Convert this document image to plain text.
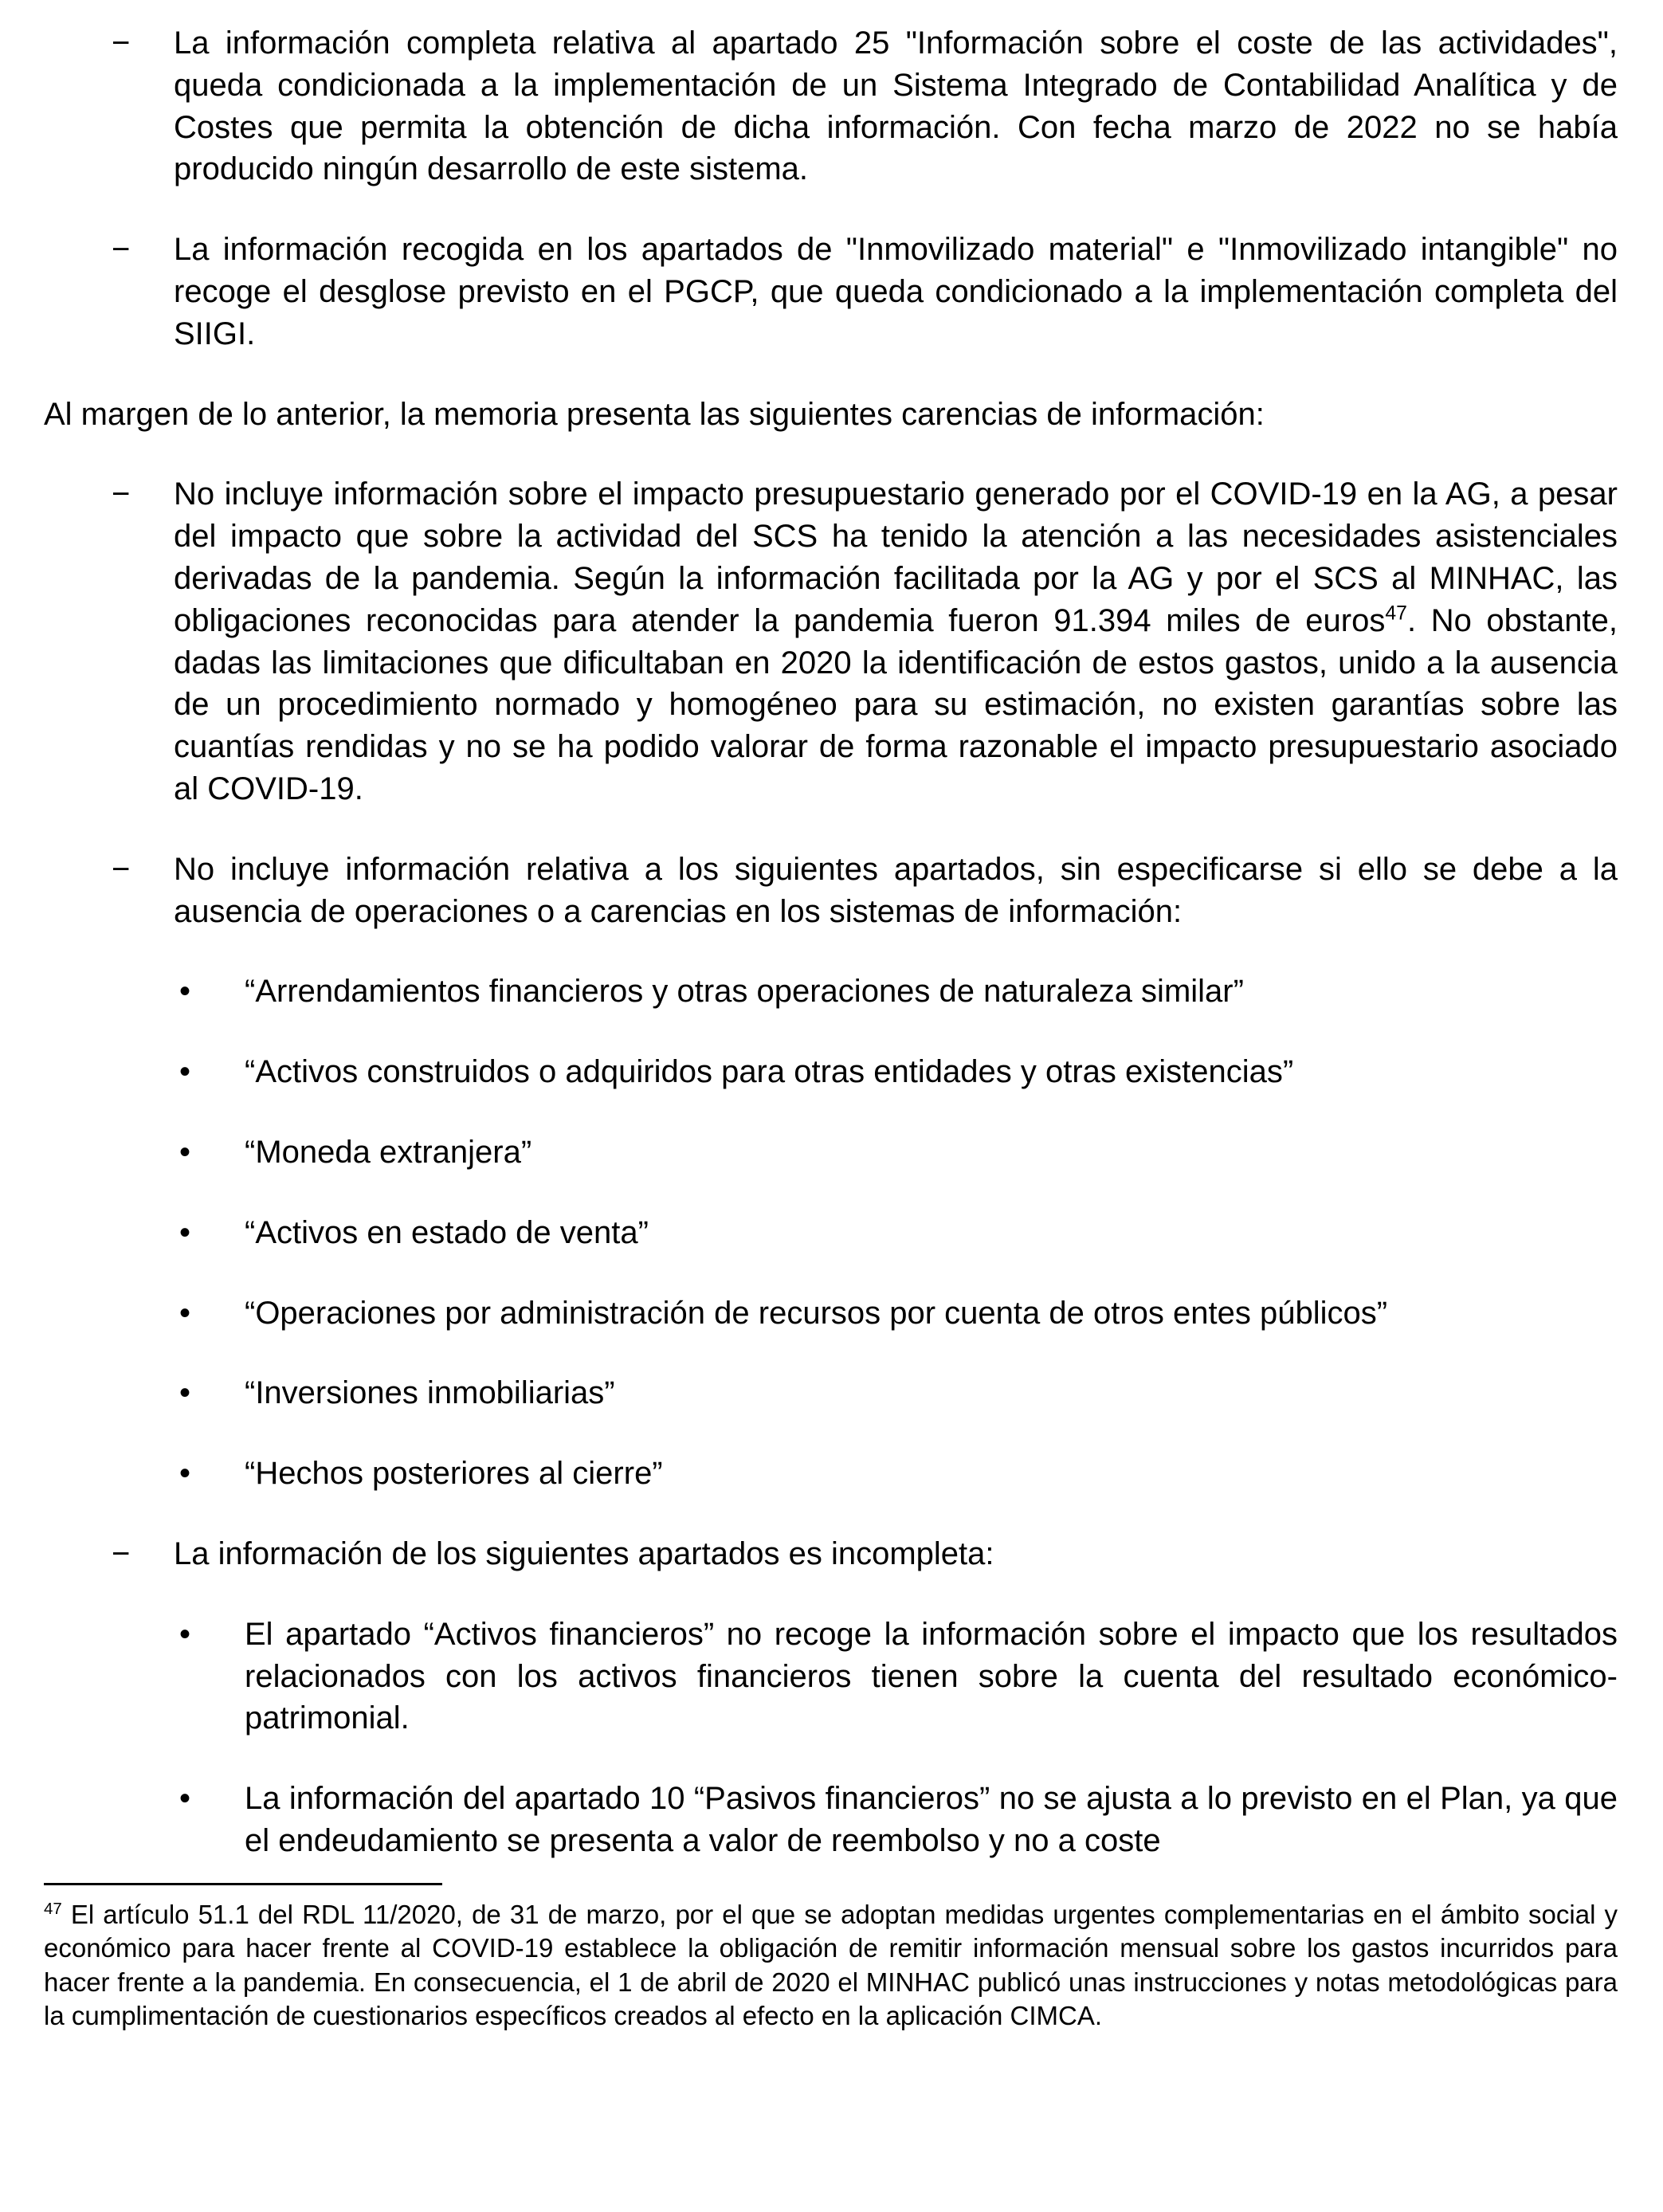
− La información completa relativa al apartado 25 "Información sobre el coste de las actividades", queda condicionada a la implementación de un Sistema Integrado de Contabilidad Analítica y de Costes que permita la obtención de dicha información. Con fecha marzo de 2022 no se había producido ningún desarrollo de este sistema.
− La información recogida en los apartados de "Inmovilizado material" e "Inmovilizado intangible" no recoge el desglose previsto en el PGCP, que queda condicionado a la implementación completa del SIIGI.

Al margen de lo anterior, la memoria presenta las siguientes carencias de información:

− No incluye información sobre el impacto presupuestario generado por el COVID-19 en la AG, a pesar del impacto que sobre la actividad del SCS ha tenido la atención a las necesidades asistenciales derivadas de la pandemia. Según la información facilitada por la AG y por el SCS al MINHAC, las obligaciones reconocidas para atender la pandemia fueron 91.394 miles de euros$^{47}$. No obstante, dadas las limitaciones que dificultaban en 2020 la identificación de estos gastos, unido a la ausencia de un procedimiento normado y homogéneo para su estimación, no existen garantías sobre las cuantías rendidas y no se ha podido valorar de forma razonable el impacto presupuestario asociado al COVID-19.
− No incluye información relativa a los siguientes apartados, sin especificarse si ello se debe a la ausencia de operaciones o a carencias en los sistemas de información:
• “Arrendamientos financieros y otras operaciones de naturaleza similar”
• “Activos construidos o adquiridos para otras entidades y otras existencias”
• “Moneda extranjera”
• “Activos en estado de venta”
• “Operaciones por administración de recursos por cuenta de otros entes públicos”
• “Inversiones inmobiliarias”
• “Hechos posteriores al cierre”
− La información de los siguientes apartados es incompleta:
• El apartado “Activos financieros” no recoge la información sobre el impacto que los resultados relacionados con los activos financieros tienen sobre la cuenta del resultado económico-patrimonial.
• La información del apartado 10 “Pasivos financieros” no se ajusta a lo previsto en el Plan, ya que el endeudamiento se presenta a valor de reembolso y no a coste
$^{47}$ El artículo 51.1 del RDL 11/2020, de 31 de marzo, por el que se adoptan medidas urgentes complementarias en el ámbito social y económico para hacer frente al COVID-19 establece la obligación de remitir información mensual sobre los gastos incurridos para hacer frente a la pandemia. En consecuencia, el 1 de abril de 2020 el MINHAC publicó unas instrucciones y notas metodológicas para la cumplimentación de cuestionarios específicos creados al efecto en la aplicación CIMCA.
